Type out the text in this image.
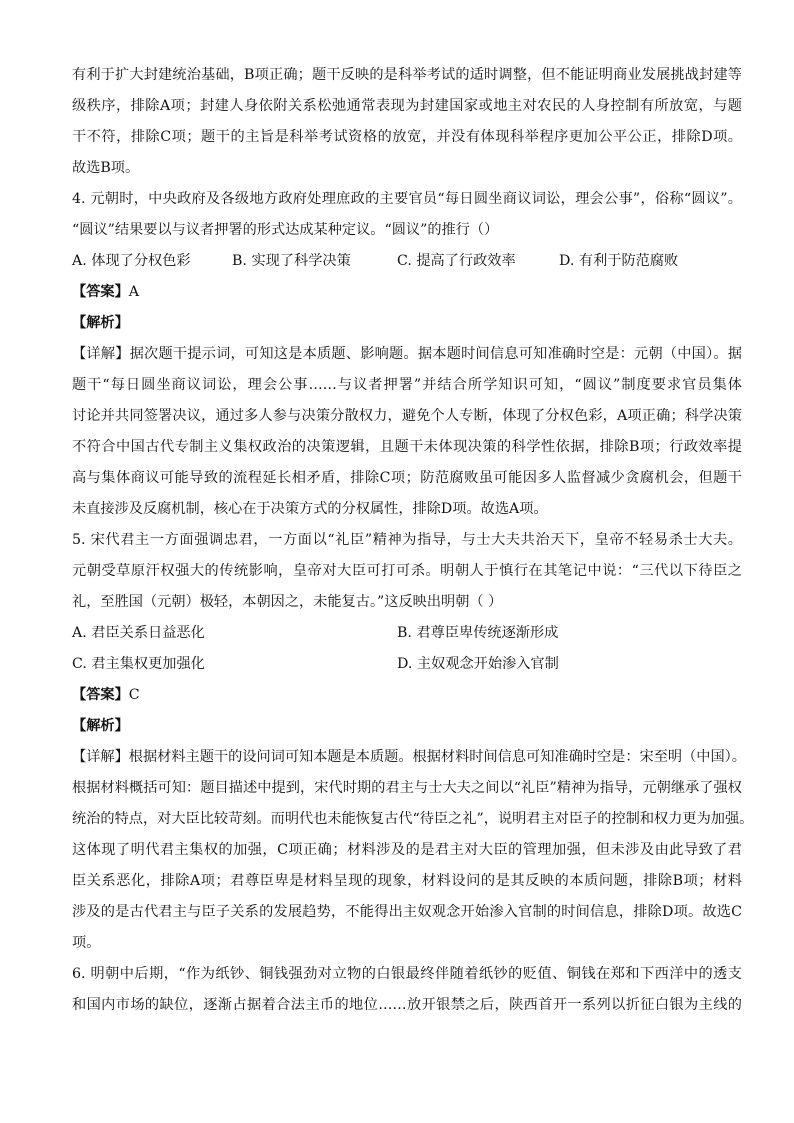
有利于扩大封建统治基础，B项正确；题干反映的是科举考试的适时调整，但不能证明商业发展挑战封建等
级秩序，排除A项；封建人身依附关系松弛通常表现为封建国家或地主对农民的人身控制有所放宽，与题
干不符，排除C项；题干的主旨是科举考试资格的放宽，并没有体现科举程序更加公平公正，排除D项。
故选B项。
4. 元朝时，中央政府及各级地方政府处理庶政的主要官员“每日圆坐商议词讼，理会公事”，俗称“圆议”。
“圆议”结果要以与议者押署的形式达成某种定议。“圆议”的推行（）
A. 体现了分权色彩	B. 实现了科学决策	C. 提高了行政效率	D. 有利于防范腐败
【答案】A
【解析】
【详解】据次题干提示词，可知这是本质题、影响题。据本题时间信息可知准确时空是：元朝（中国）。据
题干“每日圆坐商议词讼，理会公事……与议者押署”并结合所学知识可知，“圆议”制度要求官员集体
讨论并共同签署决议，通过多人参与决策分散权力，避免个人专断，体现了分权色彩，A项正确；科学决策
不符合中国古代专制主义集权政治的决策逻辑，且题干未体现决策的科学性依据，排除B项；行政效率提
高与集体商议可能导致的流程延长相矛盾，排除C项；防范腐败虽可能因多人监督减少贪腐机会，但题干
未直接涉及反腐机制，核心在于决策方式的分权属性，排除D项。故选A项。
5. 宋代君主一方面强调忠君，一方面以“礼臣”精神为指导，与士大夫共治天下，皇帝不轻易杀士大夫。
元朝受草原汗权强大的传统影响，皇帝对大臣可打可杀。明朝人于慎行在其笔记中说：“三代以下待臣之
礼，至胜国（元朝）极轻，本朝因之，未能复古。”这反映出明朝（ ）
A. 君臣关系日益恶化	B. 君尊臣卑传统逐渐形成
C. 君主集权更加强化	D. 主奴观念开始渗入官制
【答案】C
【解析】
【详解】根据材料主题干的设问词可知本题是本质题。根据材料时间信息可知准确时空是：宋至明（中国）。
根据材料概括可知：题目描述中提到，宋代时期的君主与士大夫之间以“礼臣”精神为指导，元朝继承了强权
统治的特点，对大臣比较苛刻。而明代也未能恢复古代“待臣之礼”，说明君主对臣子的控制和权力更为加强。
这体现了明代君主集权的加强，C项正确；材料涉及的是君主对大臣的管理加强，但未涉及由此导致了君
臣关系恶化，排除A项；君尊臣卑是材料呈现的现象，材料设问的是其反映的本质问题，排除B项；材料
涉及的是古代君主与臣子关系的发展趋势，不能得出主奴观念开始渗入官制的时间信息，排除D项。故选C
项。
6. 明朝中后期，“作为纸钞、铜钱强劲对立物的白银最终伴随着纸钞的贬值、铜钱在郑和下西洋中的透支
和国内市场的缺位，逐渐占据着合法主币的地位……放开银禁之后，陕西首开一系列以折征白银为主线的
